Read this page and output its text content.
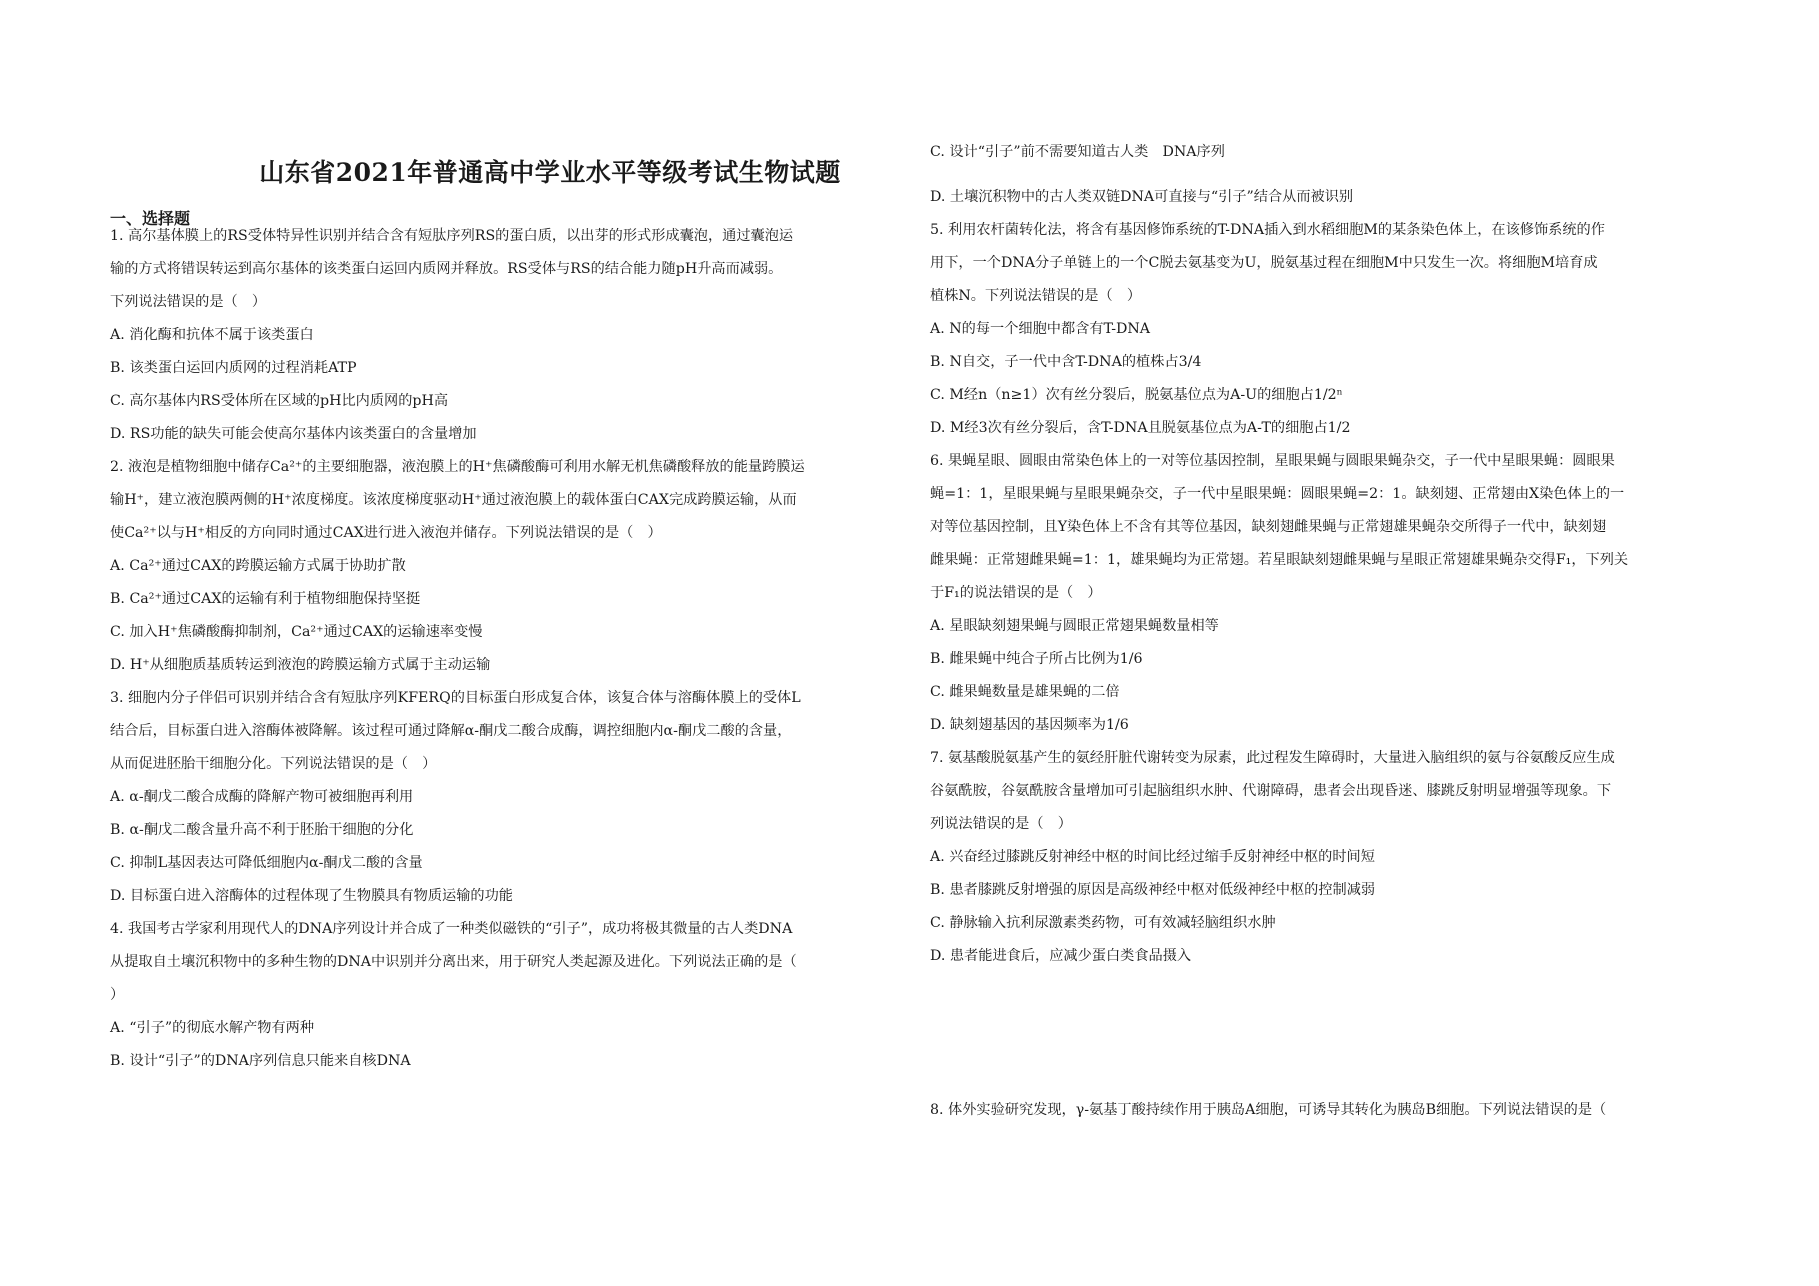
山东省2021年普通高中学业水平等级考试生物试题
一、选择题
1. 高尔基体膜上的RS受体特异性识别并结合含有短肽序列RS的蛋白质，以出芽的形式形成囊泡，通过囊泡运
输的方式将错误转运到高尔基体的该类蛋白运回内质网并释放。RS受体与RS的结合能力随pH升高而减弱。
下列说法错误的是（　）
A. 消化酶和抗体不属于该类蛋白
B. 该类蛋白运回内质网的过程消耗ATP
C. 高尔基体内RS受体所在区域的pH比内质网的pH高
D. RS功能的缺失可能会使高尔基体内该类蛋白的含量增加
2. 液泡是植物细胞中储存Ca²⁺的主要细胞器，液泡膜上的H⁺焦磷酸酶可利用水解无机焦磷酸释放的能量跨膜运
输H⁺，建立液泡膜两侧的H⁺浓度梯度。该浓度梯度驱动H⁺通过液泡膜上的载体蛋白CAX完成跨膜运输，从而
使Ca²⁺以与H⁺相反的方向同时通过CAX进行进入液泡并储存。下列说法错误的是（　）
A. Ca²⁺通过CAX的跨膜运输方式属于协助扩散
B. Ca²⁺通过CAX的运输有利于植物细胞保持坚挺
C. 加入H⁺焦磷酸酶抑制剂，Ca²⁺通过CAX的运输速率变慢
D. H⁺从细胞质基质转运到液泡的跨膜运输方式属于主动运输
3. 细胞内分子伴侣可识别并结合含有短肽序列KFERQ的目标蛋白形成复合体，该复合体与溶酶体膜上的受体L
结合后，目标蛋白进入溶酶体被降解。该过程可通过降解α-酮戊二酸合成酶，调控细胞内α-酮戊二酸的含量，
从而促进胚胎干细胞分化。下列说法错误的是（　）
A. α-酮戊二酸合成酶的降解产物可被细胞再利用
B. α-酮戊二酸含量升高不利于胚胎干细胞的分化
C. 抑制L基因表达可降低细胞内α-酮戊二酸的含量
D. 目标蛋白进入溶酶体的过程体现了生物膜具有物质运输的功能
4. 我国考古学家利用现代人的DNA序列设计并合成了一种类似磁铁的“引子”，成功将极其微量的古人类DNA
从提取自土壤沉积物中的多种生物的DNA中识别并分离出来，用于研究人类起源及进化。下列说法正确的是（
）
A. “引子”的彻底水解产物有两种
B. 设计“引子”的DNA序列信息只能来自核DNA
C. 设计“引子”前不需要知道古人类　DNA序列
D. 土壤沉积物中的古人类双链DNA可直接与“引子”结合从而被识别
5. 利用农杆菌转化法，将含有基因修饰系统的T-DNA插入到水稻细胞M的某条染色体上，在该修饰系统的作
用下，一个DNA分子单链上的一个C脱去氨基变为U，脱氨基过程在细胞M中只发生一次。将细胞M培育成
植株N。下列说法错误的是（　）
A. N的每一个细胞中都含有T-DNA
B. N自交，子一代中含T-DNA的植株占3/4
C. M经n（n≥1）次有丝分裂后，脱氨基位点为A-U的细胞占1/2ⁿ
D. M经3次有丝分裂后，含T-DNA且脱氨基位点为A-T的细胞占1/2
6. 果蝇星眼、圆眼由常染色体上的一对等位基因控制，星眼果蝇与圆眼果蝇杂交，子一代中星眼果蝇：圆眼果
蝇=1：1，星眼果蝇与星眼果蝇杂交，子一代中星眼果蝇：圆眼果蝇=2：1。缺刻翅、正常翅由X染色体上的一
对等位基因控制，且Y染色体上不含有其等位基因，缺刻翅雌果蝇与正常翅雄果蝇杂交所得子一代中，缺刻翅
雌果蝇：正常翅雌果蝇=1：1，雄果蝇均为正常翅。若星眼缺刻翅雌果蝇与星眼正常翅雄果蝇杂交得F₁，下列关
于F₁的说法错误的是（　）
A. 星眼缺刻翅果蝇与圆眼正常翅果蝇数量相等
B. 雌果蝇中纯合子所占比例为1/6
C. 雌果蝇数量是雄果蝇的二倍
D. 缺刻翅基因的基因频率为1/6
7. 氨基酸脱氨基产生的氨经肝脏代谢转变为尿素，此过程发生障碍时，大量进入脑组织的氨与谷氨酸反应生成
谷氨酰胺，谷氨酰胺含量增加可引起脑组织水肿、代谢障碍，患者会出现昏迷、膝跳反射明显增强等现象。下
列说法错误的是（　）
A. 兴奋经过膝跳反射神经中枢的时间比经过缩手反射神经中枢的时间短
B. 患者膝跳反射增强的原因是高级神经中枢对低级神经中枢的控制减弱
C. 静脉输入抗利尿激素类药物，可有效减轻脑组织水肿
D. 患者能进食后，应减少蛋白类食品摄入
8. 体外实验研究发现，γ-氨基丁酸持续作用于胰岛A细胞，可诱导其转化为胰岛B细胞。下列说法错误的是（
